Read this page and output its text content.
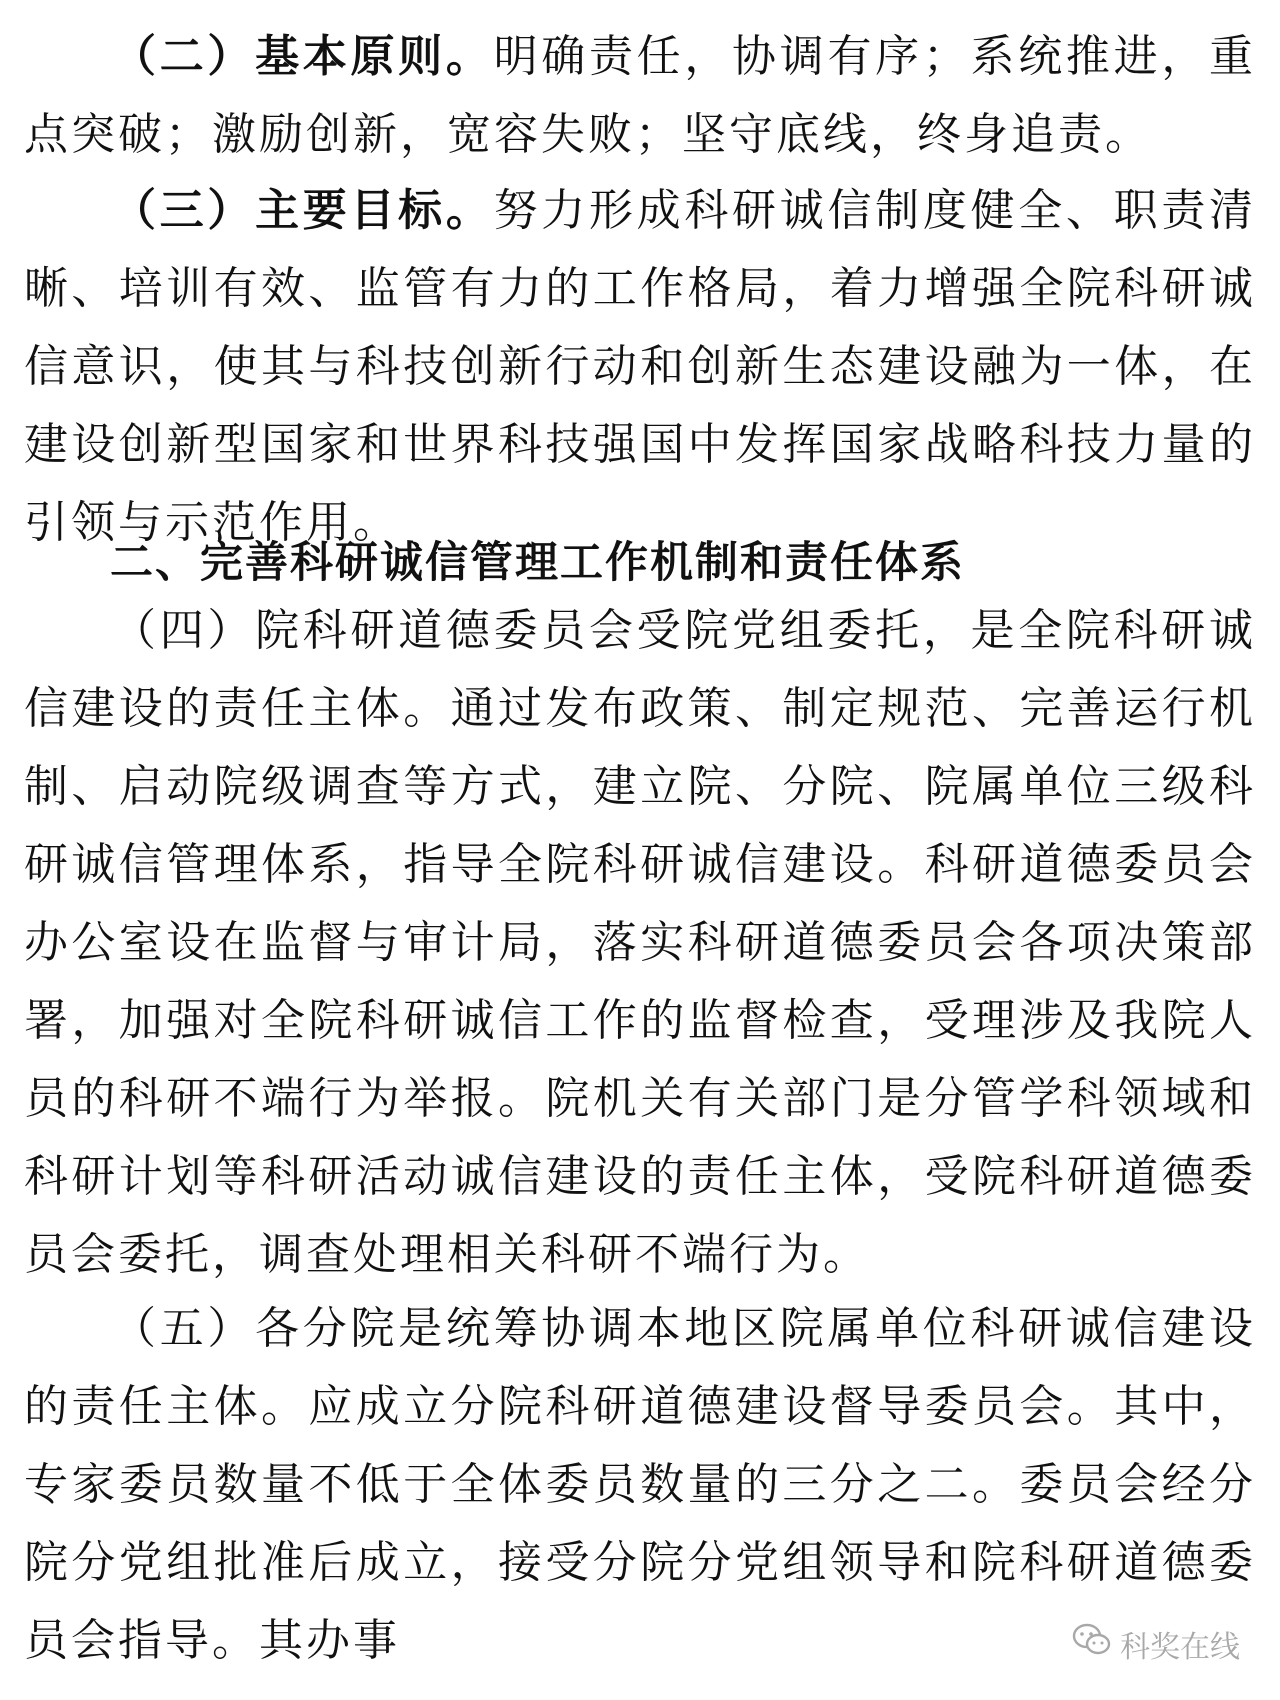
（二）基本原则。明确责任，协调有序；系统推进，重点突破；激励创新，宽容失败；坚守底线，终身追责。

（三）主要目标。努力形成科研诚信制度健全、职责清晰、培训有效、监管有力的工作格局，着力增强全院科研诚信意识，使其与科技创新行动和创新生态建设融为一体，在建设创新型国家和世界科技强国中发挥国家战略科技力量的引领与示范作用。

二、完善科研诚信管理工作机制和责任体系

（四）院科研道德委员会受院党组委托，是全院科研诚信建设的责任主体。通过发布政策、制定规范、完善运行机制、启动院级调查等方式，建立院、分院、院属单位三级科研诚信管理体系，指导全院科研诚信建设。科研道德委员会办公室设在监督与审计局，落实科研道德委员会各项决策部署，加强对全院科研诚信工作的监督检查，受理涉及我院人员的科研不端行为举报。院机关有关部门是分管学科领域和科研计划等科研活动诚信建设的责任主体，受院科研道德委员会委托，调查处理相关科研不端行为。

（五）各分院是统筹协调本地区院属单位科研诚信建设的责任主体。应成立分院科研道德建设督导委员会。其中，专家委员数量不低于全体委员数量的三分之二。委员会经分院分党组批准后成立，接受分院分党组领导和院科研道德委员会指导。其办事	科奖在线
